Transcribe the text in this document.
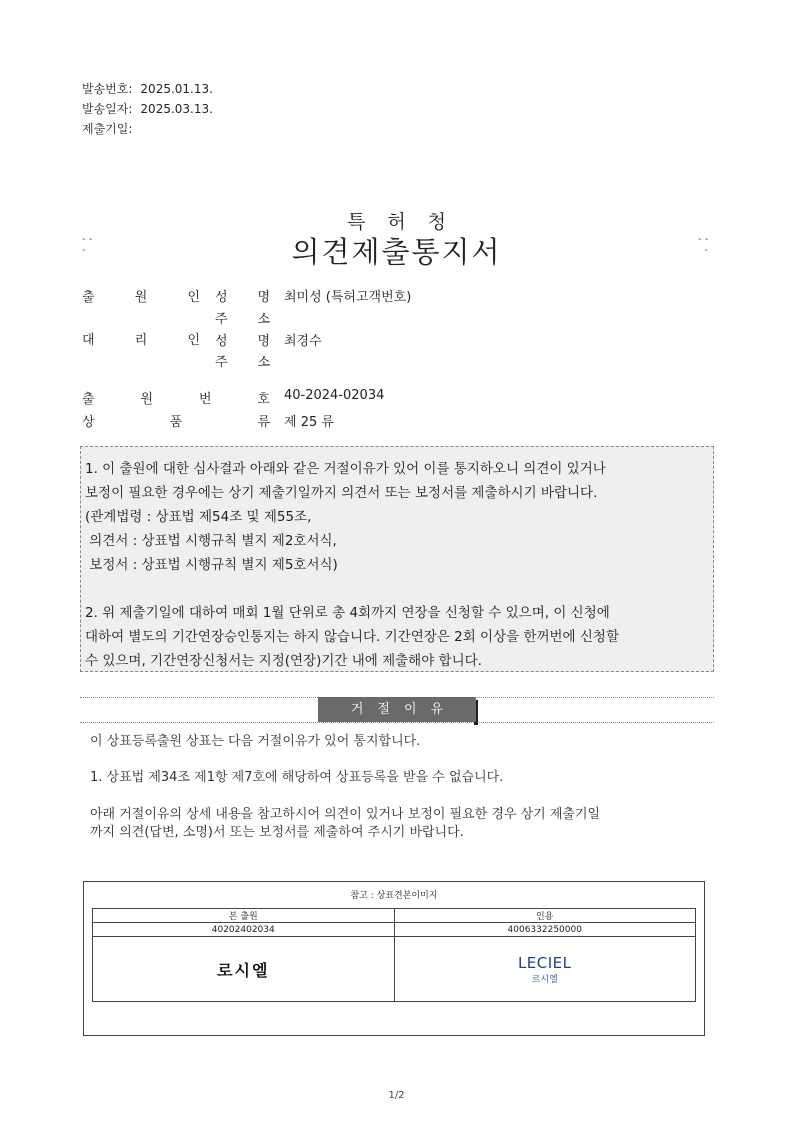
발송번호: 2025.01.13.
발송일자: 2025.03.13.
제출기일:
특허청
의견제출통지서
- -
-
- -
-
출	원	인 성 명 최미성 (특허고객번호)
주 소
대	리	인 성 명 최경수
주 소
출	원	번	호 40-2024-02034
상	품	류 제 25 류

1. 이 출원에 대한 심사결과 아래와 같은 거절이유가 있어 이를 통지하오니 의견이 있거나

보정이 필요한 경우에는 상기 제출기일까지 의견서 또는 보정서를 제출하시기 바랍니다.

(관계법령 : 상표법 제54조 및 제55조,

의견서 : 상표법 시행규칙 별지 제2호서식,

보정서 : 상표법 시행규칙 별지 제5호서식)

2. 위 제출기일에 대하여 매회 1월 단위로 총 4회까지 연장을 신청할 수 있으며, 이 신청에

대하여 별도의 기간연장승인통지는 하지 않습니다. 기간연장은 2회 이상을 한꺼번에 신청할

수 있으며, 기간연장신청서는 지정(연장)기간 내에 제출해야 합니다.

거절이유
이 상표등록출원 상표는 다음 거절이유가 있어 통지합니다.
1. 상표법 제34조 제1항 제7호에 해당하여 상표등록을 받을 수 없습니다.
아래 거절이유의 상세 내용을 참고하시어 의견이 있거나 보정이 필요한 경우 상기 제출기일
까지 의견(답변, 소명)서 또는 보정서를 제출하여 주시기 바랍니다.
참고 : 상표견본이미지
본 출원	인용
40202402034	4006332250000
로시엘	LECIEL
르시엘
1/2
